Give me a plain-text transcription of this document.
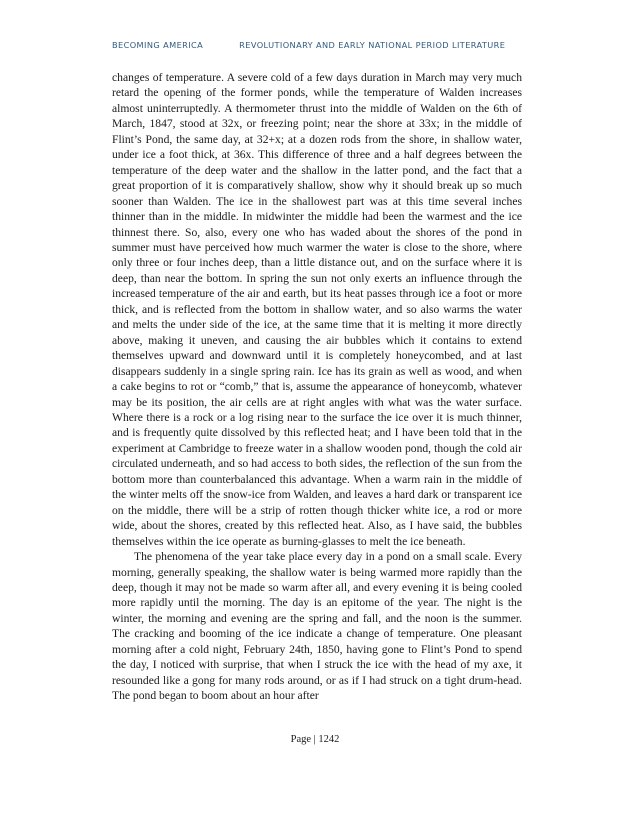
BECOMING AMERICA	REVOLUTIONARY AND EARLY NATIONAL PERIOD LITERATURE

changes of temperature. A severe cold of a few days duration in March may very much retard the opening of the former ponds, while the temperature of Walden increases almost uninterruptedly. A thermometer thrust into the middle of Walden on the 6th of March, 1847, stood at 32x, or freezing point; near the shore at 33x; in the middle of Flint’s Pond, the same day, at 32+x; at a dozen rods from the shore, in shallow water, under ice a foot thick, at 36x. This difference of three and a half degrees between the temperature of the deep water and the shallow in the latter pond, and the fact that a great proportion of it is comparatively shallow, show why it should break up so much sooner than Walden. The ice in the shallowest part was at this time several inches thinner than in the middle. In midwinter the middle had been the warmest and the ice thinnest there. So, also, every one who has waded about the shores of the pond in summer must have perceived how much warmer the water is close to the shore, where only three or four inches deep, than a little distance out, and on the surface where it is deep, than near the bottom. In spring the sun not only exerts an influence through the increased temperature of the air and earth, but its heat passes through ice a foot or more thick, and is reflected from the bottom in shallow water, and so also warms the water and melts the under side of the ice, at the same time that it is melting it more directly above, making it uneven, and causing the air bubbles which it contains to extend themselves upward and downward until it is completely honeycombed, and at last disappears suddenly in a single spring rain. Ice has its grain as well as wood, and when a cake begins to rot or “comb,” that is, assume the appearance of honeycomb, whatever may be its position, the air cells are at right angles with what was the water surface. Where there is a rock or a log rising near to the surface the ice over it is much thinner, and is frequently quite dissolved by this reflected heat; and I have been told that in the experiment at Cambridge to freeze water in a shallow wooden pond, though the cold air circulated underneath, and so had access to both sides, the reflection of the sun from the bottom more than counterbalanced this advantage. When a warm rain in the middle of the winter melts off the snow-ice from Walden, and leaves a hard dark or transparent ice on the middle, there will be a strip of rotten though thicker white ice, a rod or more wide, about the shores, created by this reflected heat. Also, as I have said, the bubbles themselves within the ice operate as burning-glasses to melt the ice beneath.

The phenomena of the year take place every day in a pond on a small scale. Every morning, generally speaking, the shallow water is being warmed more rapidly than the deep, though it may not be made so warm after all, and every evening it is being cooled more rapidly until the morning. The day is an epitome of the year. The night is the winter, the morning and evening are the spring and fall, and the noon is the summer. The cracking and booming of the ice indicate a change of temperature. One pleasant morning after a cold night, February 24th, 1850, having gone to Flint’s Pond to spend the day, I noticed with surprise, that when I struck the ice with the head of my axe, it resounded like a gong for many rods around, or as if I had struck on a tight drum-head. The pond began to boom about an hour after

Page | 1242
